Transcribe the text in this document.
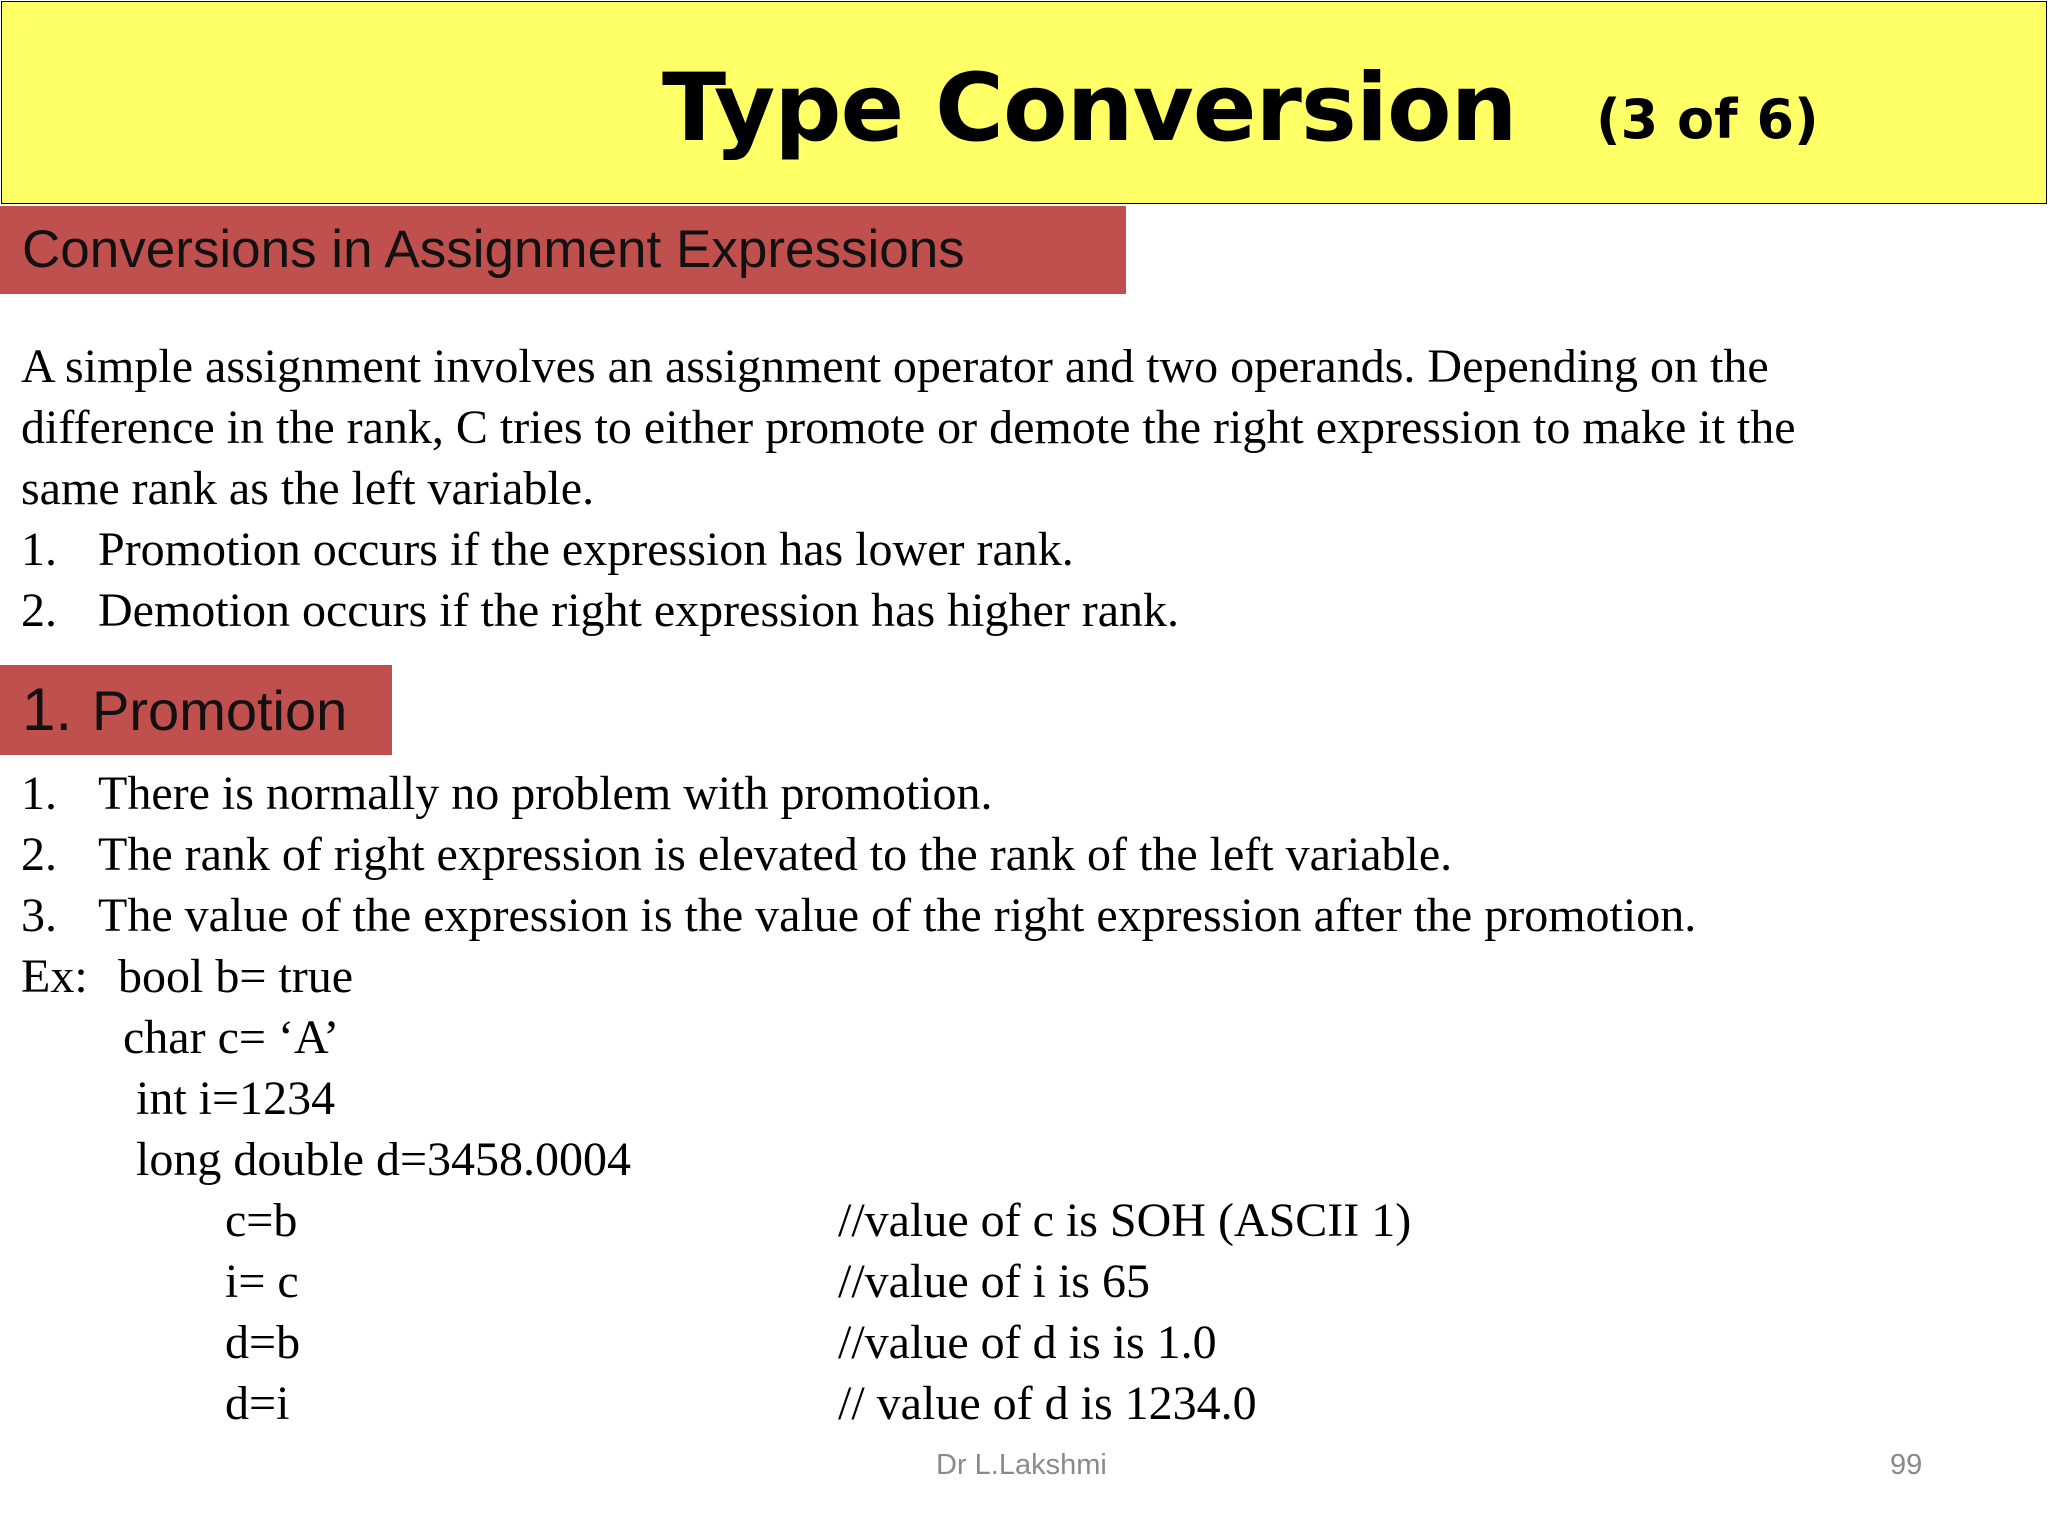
Type Conversion (3 of 6)
Conversions in Assignment Expressions
A simple assignment involves an assignment operator and two operands. Depending on the
difference in the rank, C tries to either promote or demote the right expression to make it the
same rank as the left variable.
1. Promotion occurs if the expression has lower rank.
2. Demotion occurs if the right expression has higher rank.
1. Promotion
1. There is normally no problem with promotion.
2. The rank of right expression is elevated to the rank of the left variable.
3. The value of the expression is the value of the right expression after the promotion.
Ex: bool b= true
char c= ‘A’
int i=1234
long double d=3458.0004
c=b	//value of c is SOH (ASCII 1)
i= c	//value of i is 65
d=b	//value of d is is 1.0
d=i	// value of d is 1234.0
Dr L.Lakshmi	99
